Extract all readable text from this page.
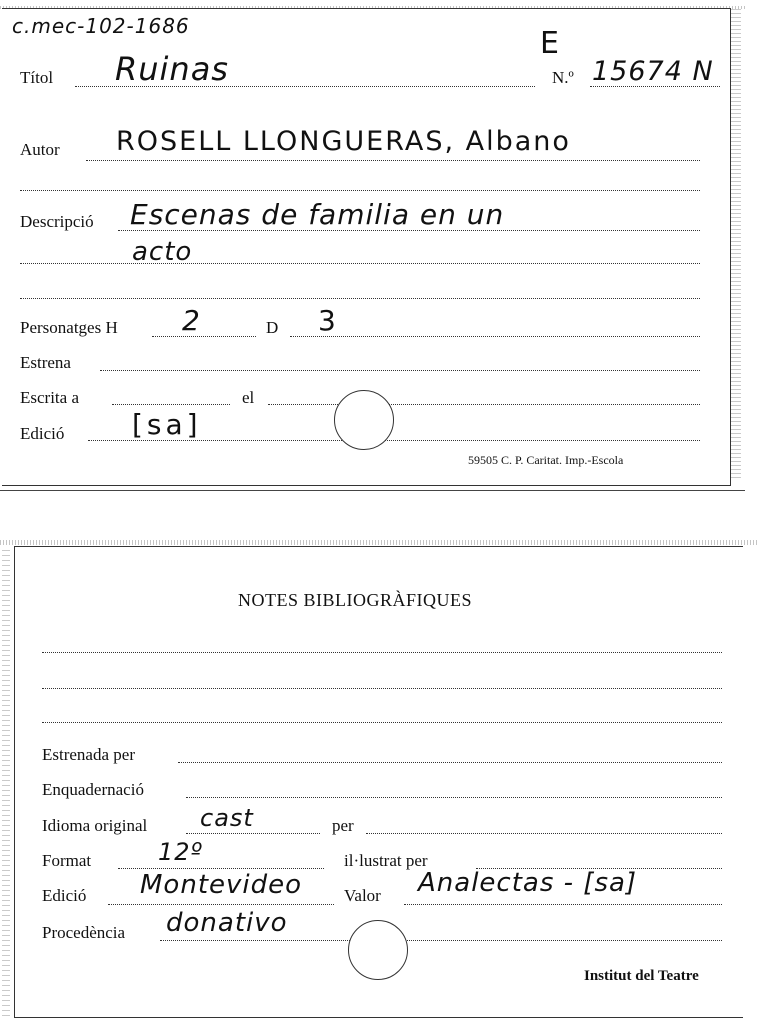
c.mec-102-1686	E
Títol Ruinas	N.º 15674 N
Autor ROSELL LLONGUERAS, Albano
Descripció Escenas de familia en un
acto
Personatges H 2	D 3
Estrena
Escrita a	el
Edició [sa]
59505 C. P. Caritat. Imp.-Escola
NOTES BIBLIOGRÀFIQUES
Estrenada per
Enquadernació
Idioma original cast	per
Format	12º	il·lustrat per
Edició Montevideo Valor Analectas - [sa]
Procedència donativo
Institut del Teatre
